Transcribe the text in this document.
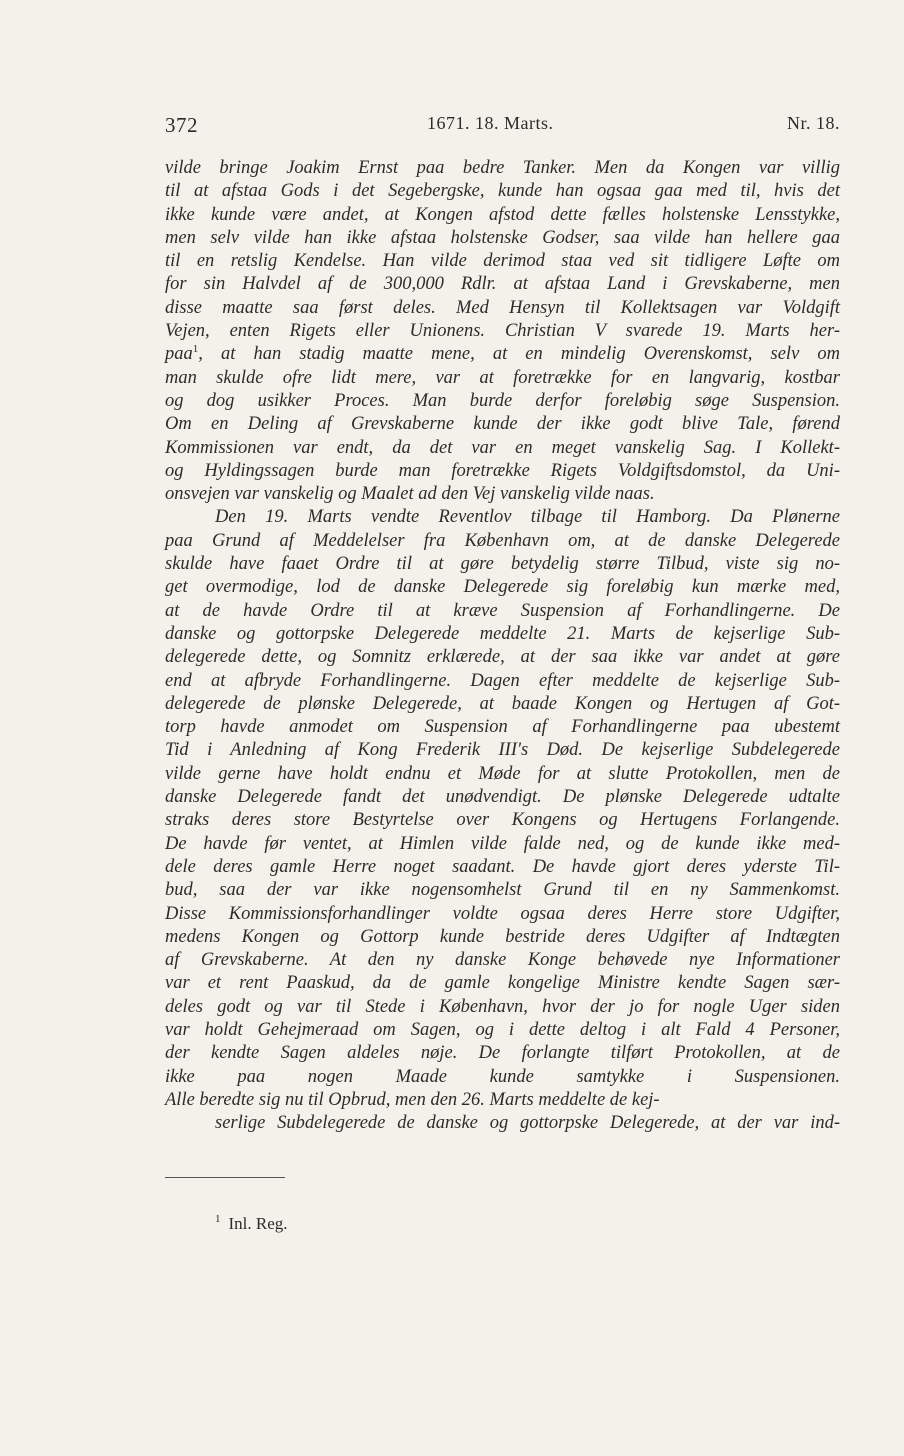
372	1671. 18. Marts.	Nr. 18.
vilde bringe Joakim Ernst paa bedre Tanker. Men da Kongen var villig
til at afstaa Gods i det Segebergske, kunde han ogsaa gaa med til, hvis det
ikke kunde være andet, at Kongen afstod dette fælles holstenske Lensstykke,
men selv vilde han ikke afstaa holstenske Godser, saa vilde han hellere gaa
til en retslig Kendelse. Han vilde derimod staa ved sit tidligere Løfte om
for sin Halvdel af de 300,000 Rdlr. at afstaa Land i Grevskaberne, men
disse maatte saa først deles. Med Hensyn til Kollektsagen var Voldgift
Vejen, enten Rigets eller Unionens. Christian V svarede 19. Marts her-
paa$^1$, at han stadig maatte mene, at en mindelig Overenskomst, selv om
man skulde ofre lidt mere, var at foretrække for en langvarig, kostbar
og dog usikker Proces. Man burde derfor foreløbig søge Suspension.
Om en Deling af Grevskaberne kunde der ikke godt blive Tale, førend
Kommissionen var endt, da det var en meget vanskelig Sag. I Kollekt-
og Hyldingssagen burde man foretrække Rigets Voldgiftsdomstol, da Uni-
onsvejen var vanskelig og Maalet ad den Vej vanskelig vilde naas.
Den 19. Marts vendte Reventlov tilbage til Hamborg. Da Plønerne
paa Grund af Meddelelser fra København om, at de danske Delegerede
skulde have faaet Ordre til at gøre betydelig større Tilbud, viste sig no-
get overmodige, lod de danske Delegerede sig foreløbig kun mærke med,
at de havde Ordre til at kræve Suspension af Forhandlingerne. De
danske og gottorpske Delegerede meddelte 21. Marts de kejserlige Sub-
delegerede dette, og Somnitz erklærede, at der saa ikke var andet at gøre
end at afbryde Forhandlingerne. Dagen efter meddelte de kejserlige Sub-
delegerede de plønske Delegerede, at baade Kongen og Hertugen af Got-
torp havde anmodet om Suspension af Forhandlingerne paa ubestemt
Tid i Anledning af Kong Frederik III's Død. De kejserlige Subdelegerede
vilde gerne have holdt endnu et Møde for at slutte Protokollen, men de
danske Delegerede fandt det unødvendigt. De plønske Delegerede udtalte
straks deres store Bestyrtelse over Kongens og Hertugens Forlangende.
De havde før ventet, at Himlen vilde falde ned, og de kunde ikke med-
dele deres gamle Herre noget saadant. De havde gjort deres yderste Til-
bud, saa der var ikke nogensomhelst Grund til en ny Sammenkomst.
Disse Kommissionsforhandlinger voldte ogsaa deres Herre store Udgifter,
medens Kongen og Gottorp kunde bestride deres Udgifter af Indtægten
af Grevskaberne. At den ny danske Konge behøvede nye Informationer
var et rent Paaskud, da de gamle kongelige Ministre kendte Sagen sær-
deles godt og var til Stede i København, hvor der jo for nogle Uger siden
var holdt Gehejmeraad om Sagen, og i dette deltog i alt Fald 4 Personer,
der kendte Sagen aldeles nøje. De forlangte tilført Protokollen, at de
ikke paa nogen Maade kunde samtykke i Suspensionen.
Alle beredte sig nu til Opbrud, men den 26. Marts meddelte de kej-
serlige Subdelegerede de danske og gottorpske Delegerede, at der var ind-
$^1$ Inl. Reg.
